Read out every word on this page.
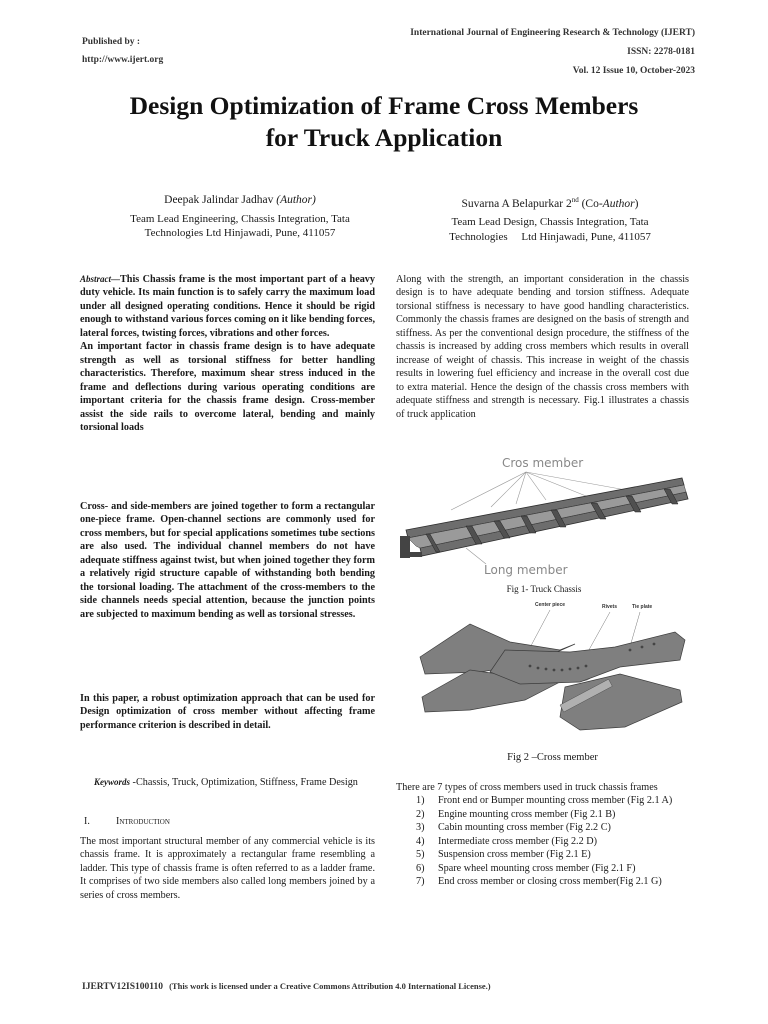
Published by :
http://www.ijert.org
International Journal of Engineering Research & Technology (IJERT)
ISSN: 2278-0181
Vol. 12 Issue 10, October-2023
Design Optimization of Frame Cross Members
for Truck Application
Deepak Jalindar Jadhav (Author)
Team Lead Engineering, Chassis Integration, Tata
Technologies Ltd Hinjawadi, Pune, 411057
Suvarna A Belapurkar 2nd (Co-Author)
Team Lead Design, Chassis Integration, Tata
Technologies     Ltd Hinjawadi, Pune, 411057
Abstract—This Chassis frame is the most important part of a heavy duty vehicle. Its main function is to safely carry the maximum load under all designed operating conditions. Hence it should be rigid enough to withstand various forces coming on it like bending forces, lateral forces, twisting forces, vibrations and other forces.
An important factor in chassis frame design is to have adequate strength as well as torsional stiffness for better handling characteristics. Therefore, maximum shear stress induced in the frame and deflections during various operating conditions are important criteria for the chassis frame design. Cross-member assist the side rails to overcome lateral, bending and mainly torsional loads
Cross- and side-members are joined together to form a rectangular one-piece frame. Open-channel sections are commonly used for cross members, but for special applications sometimes tube sections are also used. The individual channel members do not have adequate stiffness against twist, but when joined together they form a relatively rigid structure capable of withstanding both bending the torsional loading. The attachment of the cross-members to the side channels needs special attention, because the junction points are subjected to maximum bending as well as torsional stresses.
In this paper, a robust optimization approach that can be used for Design optimization of cross member without affecting frame performance criterion is described in detail.
Keywords -Chassis, Truck, Optimization, Stiffness, Frame Design
I.	Introduction
The most important structural member of any commercial vehicle is its chassis frame. It is approximately a rectangular frame resembling a ladder. This type of chassis frame is often referred to as a ladder frame. It comprises of two side members also called long members joined by a series of cross members.
Along with the strength, an important consideration in the chassis design is to have adequate bending and torsion stiffness. Adequate torsional stiffness is necessary to have good handling characteristics. Commonly the chassis frames are designed on the basis of strength and stiffness. As per the conventional design procedure, the stiffness of the chassis is increased by adding cross members which results in overall increase of weight of chassis. This increase in weight of the chassis results in lowering fuel efficiency and increase in the overall cost due to extra material. Hence the design of the chassis cross members with adequate stiffness and strength is necessary. Fig.1 illustrates a chassis of truck application
Cros member
Long member
Fig 1- Truck Chassis
Center piece	Rivets	Tie plate
Fig 2 –Cross member
There are 7 types of cross members used in truck chassis frames
1) Front end or Bumper mounting cross member (Fig 2.1 A)
2) Engine mounting cross member (Fig 2.1 B)
3) Cabin mounting cross member (Fig 2.2 C)
4) Intermediate cross member (Fig 2.2 D)
5) Suspension cross member (Fig 2.1 E)
6) Spare wheel mounting cross member (Fig 2.1 F)
7) End cross member or closing cross member(Fig 2.1 G)
IJERTV12IS100110 (This work is licensed under a Creative Commons Attribution 4.0 International License.)
